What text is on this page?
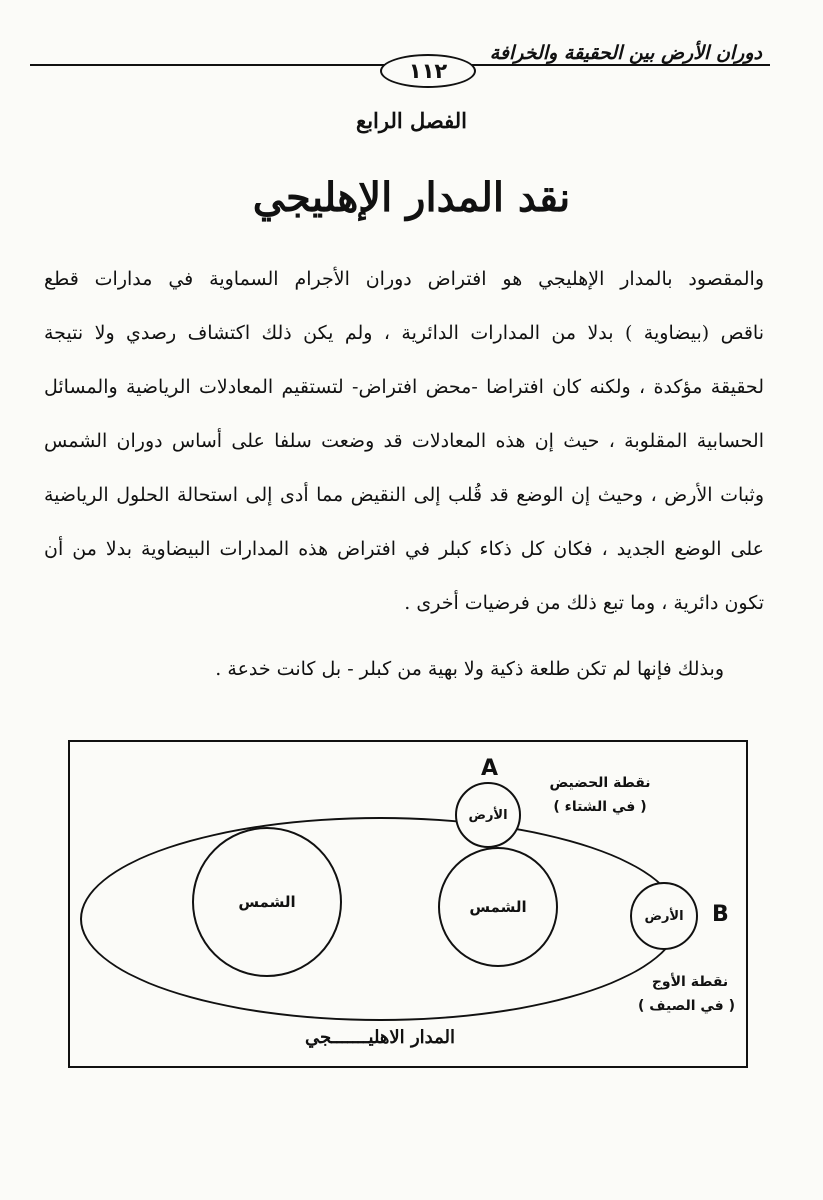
دوران الأرض بين الحقيقة والخرافة
١١٢
الفصل الرابع
نقد المدار الإهليجي
والمقصود بالمدار الإهليجي هو افتراض دوران الأجرام السماوية في مدارات قطع
ناقص (بيضاوية ) بدلا من المدارات الدائرية ، ولم يكن ذلك اكتشاف رصدي ولا نتيجة
لحقيقة مؤكدة ، ولكنه كان افتراضا -محض افتراض- لتستقيم المعادلات الرياضية والمسائل
الحسابية المقلوبة ، حيث إن هذه المعادلات قد وضعت سلفا على أساس دوران الشمس
وثبات الأرض ، وحيث إن الوضع قد قُلب إلى النقيض مما أدى إلى استحالة الحلول الرياضية
على الوضع الجديد ، فكان كل ذكاء كبلر في افتراض هذه المدارات البيضاوية بدلا من أن
تكون دائرية ، وما تبع ذلك من فرضيات أخرى .
وبذلك فإنها لم تكن طلعة ذكية ولا بهية من كبلر - بل كانت خدعة .
الشمس	الشمس
الأرض
الأرض
A
B
نقطة الحضيض
( في الشتاء )
نقطة الأوج
( في الصيف )
المدار الاهليـــــــجي
